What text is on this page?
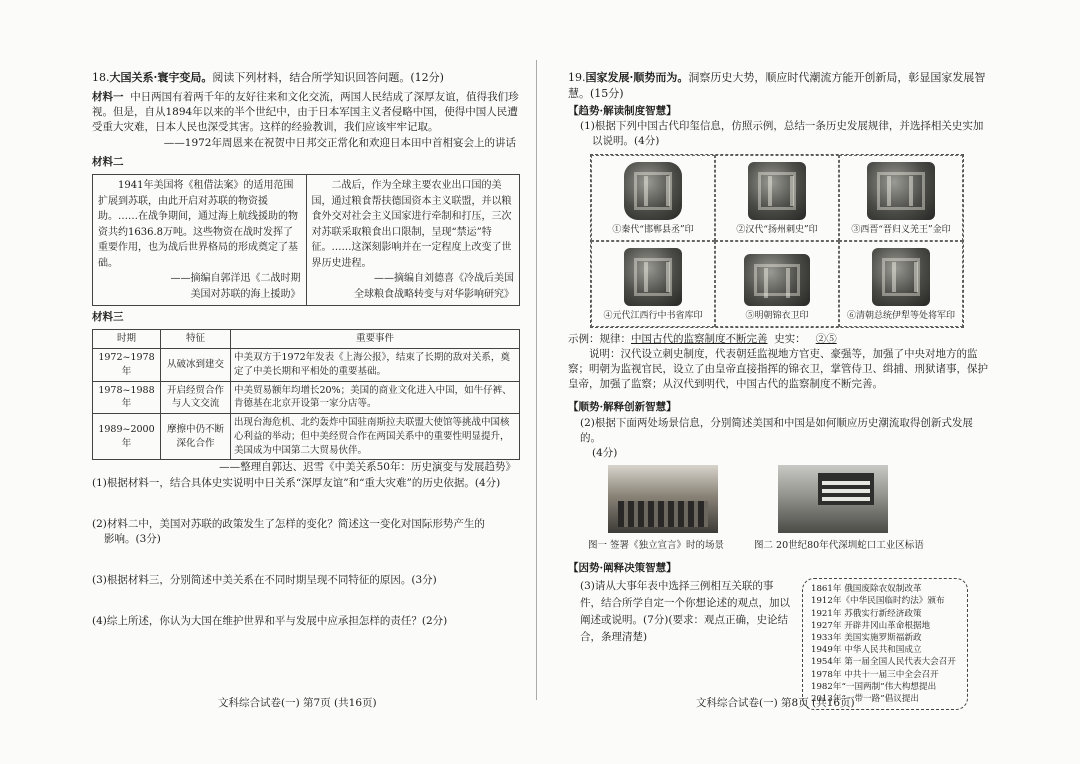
18.大国关系·寰宇变局。阅读下列材料，结合所学知识回答问题。(12分)
材料一 中日两国有着两千年的友好往来和文化交流，两国人民结成了深厚友谊，值得我们珍视。但是，自从1894年以来的半个世纪中，由于日本军国主义者侵略中国，使得中国人民遭受重大灾难，日本人民也深受其害。这样的经验教训，我们应该牢牢记取。
——1972年周恩来在祝贺中日邦交正常化和欢迎日本田中首相宴会上的讲话
材料二
1941年美国将《租借法案》的适用范围扩展到苏联，由此开启对苏联的物资援助。……在战争期间，通过海上航线援助的物资共约1636.8万吨。这些物资在战时发挥了重要作用，也为战后世界格局的形成奠定了基础。
——摘编自郭洋迅《二战时期
美国对苏联的海上援助》

二战后，作为全球主要农业出口国的美国，通过粮食帮扶德国资本主义联盟，并以粮食外交对社会主义国家进行牵制和打压，三次对苏联采取粮食出口限制，呈现“禁运”特征。……这深刻影响并在一定程度上改变了世界历史进程。
——摘编自刘德喜《冷战后美国
全球粮食战略转变与对华影响研究》
材料三
时期	特征	重要事件
1972~1978年	从破冰到建交	中美双方于1972年发表《上海公报》，结束了长期的敌对关系，奠定了中美长期和平相处的重要基础。
1978~1988年	开启经贸合作与人文交流	中美贸易额年均增长20%；美国的商业文化进入中国，如牛仔裤、肯德基在北京开设第一家分店等。
1989~2000年	摩擦中仍不断深化合作	出现台海危机、北约轰炸中国驻南斯拉夫联盟大使馆等挑战中国核心利益的举动；但中美经贸合作在两国关系中的重要性明显提升，美国成为中国第二大贸易伙伴。
——整理自郭达、迟雪《中美关系50年：历史演变与发展趋势》
(1)根据材料一，结合具体史实说明中日关系“深厚友谊”和“重大灾难”的历史依据。(4分)
(2)材料二中，美国对苏联的政策发生了怎样的变化？简述这一变化对国际形势产生的
影响。(3分)
(3)根据材料三，分别简述中美关系在不同时期呈现不同特征的原因。(3分)
(4)综上所述，你认为大国在维护世界和平与发展中应承担怎样的责任？(2分)
19.国家发展·顺势而为。洞察历史大势，顺应时代潮流方能开创新局，彰显国家发展智慧。(15分)
【趋势·解读制度智慧】
(1)根据下列中国古代印玺信息，仿照示例，总结一条历史发展规律，并选择相关史实加
以说明。(4分)
①秦代“邯郸县丞”印	②汉代“扬州刺史”印	③西晋“晋归义羌王”金印
④元代江西行中书省库印	⑤明朝锦衣卫印	⑥清朝总统伊犁等处将军印
示例：规律：中国古代的监察制度不断完善 史实： ②⑤
说明：汉代设立刺史制度，代表朝廷监视地方官吏、豪强等，加强了中央对地方的监察；明朝为监视官民，设立了由皇帝直接指挥的锦衣卫，掌管侍卫、缉捕、刑狱诸事，保护皇帝，加强了监察；从汉代到明代，中国古代的监察制度不断完善。
【顺势·解释创新智慧】
(2)根据下面两处场景信息，分别简述美国和中国是如何顺应历史潮流取得创新式发展的。
(4分)
图一 签署《独立宣言》时的场景	图二 20世纪80年代深圳蛇口工业区标语
【因势·阐释决策智慧】
(3)请从大事年表中选择三例相互关联的事件，结合所学自定一个你想论述的观点，加以阐述或说明。(7分)(要求：观点正确，史论结合，条理清楚)
1861年 俄国废除农奴制改革
1912年《中华民国临时约法》颁布
1921年 苏俄实行新经济政策
1927年 开辟井冈山革命根据地
1933年 美国实施罗斯福新政
1949年 中华人民共和国成立
1954年 第一届全国人民代表大会召开
1978年 中共十一届三中全会召开
1982年“一国两制”伟大构想提出
2013年“一带一路”倡议提出
文科综合试卷(一) 第7页 (共16页)	文科综合试卷(一) 第8页 (共16页)
